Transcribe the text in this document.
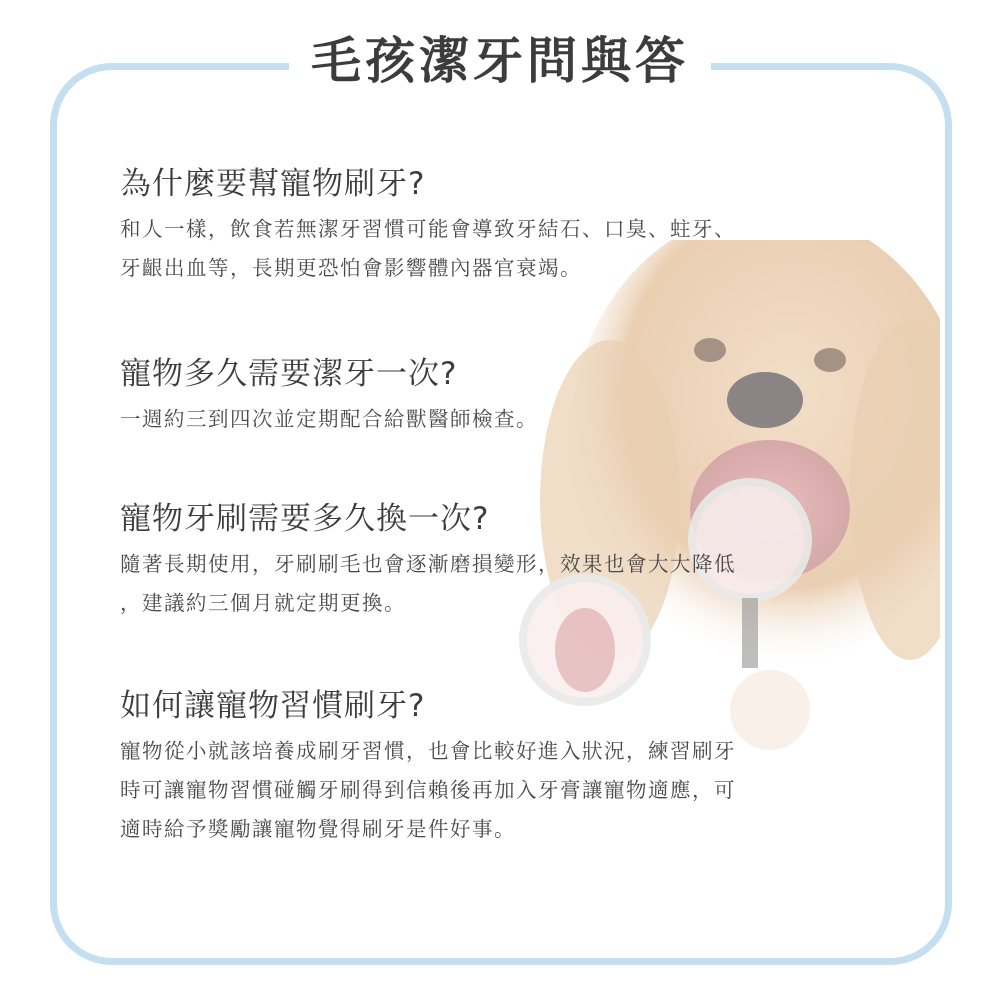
毛孩潔牙問與答

為什麼要幫寵物刷牙?

和人一樣，飲食若無潔牙習慣可能會導致牙結石、口臭、蛀牙、
牙齦出血等，長期更恐怕會影響體內器官衰竭。

寵物多久需要潔牙一次?

一週約三到四次並定期配合給獸醫師檢查。

寵物牙刷需要多久換一次?

隨著長期使用，牙刷刷毛也會逐漸磨損變形，效果也會大大降低
，建議約三個月就定期更換。

如何讓寵物習慣刷牙?

寵物從小就該培養成刷牙習慣，也會比較好進入狀況，練習刷牙
時可讓寵物習慣碰觸牙刷得到信賴後再加入牙膏讓寵物適應，可
適時給予獎勵讓寵物覺得刷牙是件好事。
